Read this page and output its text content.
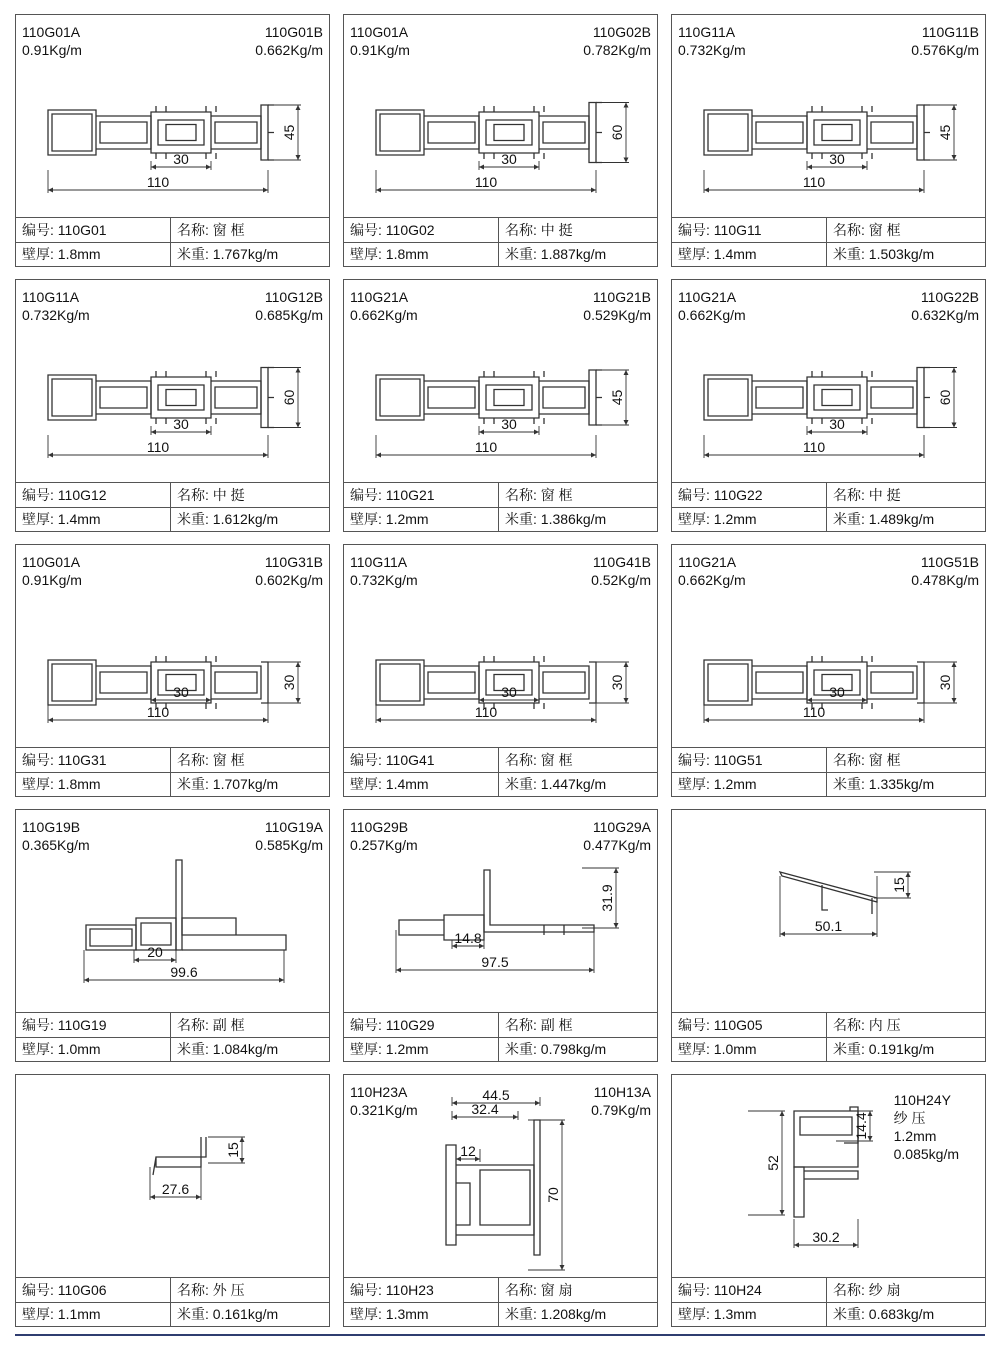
110G01A
0.91Kg/m
110G01B
0.662Kg/m
110
30
45
编号: 110G01	名称: 窗 框
壁厚: 1.8mm	米重: 1.767kg/m
110G01A
0.91Kg/m
110G02B
0.782Kg/m
110
30
60
编号: 110G02	名称: 中 挺
壁厚: 1.8mm	米重: 1.887kg/m
110G11A
0.732Kg/m
110G11B
0.576Kg/m
110
30
45
编号: 110G11	名称: 窗 框
壁厚: 1.4mm	米重: 1.503kg/m
110G11A
0.732Kg/m
110G12B
0.685Kg/m
110
30
60
编号: 110G12	名称: 中 挺
壁厚: 1.4mm	米重: 1.612kg/m
110G21A
0.662Kg/m
110G21B
0.529Kg/m
110
30
45
编号: 110G21	名称: 窗 框
壁厚: 1.2mm	米重: 1.386kg/m
110G21A
0.662Kg/m
110G22B
0.632Kg/m
110
30
60
编号: 110G22	名称: 中 挺
壁厚: 1.2mm	米重: 1.489kg/m
110G01A
0.91Kg/m
110G31B
0.602Kg/m
110
30
30
编号: 110G31	名称: 窗 框
壁厚: 1.8mm	米重: 1.707kg/m
110G11A
0.732Kg/m
110G41B
0.52Kg/m
110
30
30
编号: 110G41	名称: 窗 框
壁厚: 1.4mm	米重: 1.447kg/m
110G21A
0.662Kg/m
110G51B
0.478Kg/m
110
30
30
编号: 110G51	名称: 窗 框
壁厚: 1.2mm	米重: 1.335kg/m
110G19B
0.365Kg/m
110G19A
0.585Kg/m
99.6
20
编号: 110G19	名称: 副 框
壁厚: 1.0mm	米重: 1.084kg/m
110G29B
0.257Kg/m
110G29A
0.477Kg/m
97.5
14.8
31.9
编号: 110G29	名称: 副 框
壁厚: 1.2mm	米重: 0.798kg/m
50.1
15
编号: 110G05	名称: 内 压
壁厚: 1.0mm	米重: 0.191kg/m
27.6
15
编号: 110G06	名称: 外 压
壁厚: 1.1mm	米重: 0.161kg/m
110H23A
0.321Kg/m
110H13A
0.79Kg/m
44.5
32.4
12
70
编号: 110H23	名称: 窗 扇
壁厚: 1.3mm	米重: 1.208kg/m
110H24Y
纱 压
1.2mm
0.085kg/m
30.2
52
14.4
编号: 110H24	名称: 纱 扇
壁厚: 1.3mm	米重: 0.683kg/m
